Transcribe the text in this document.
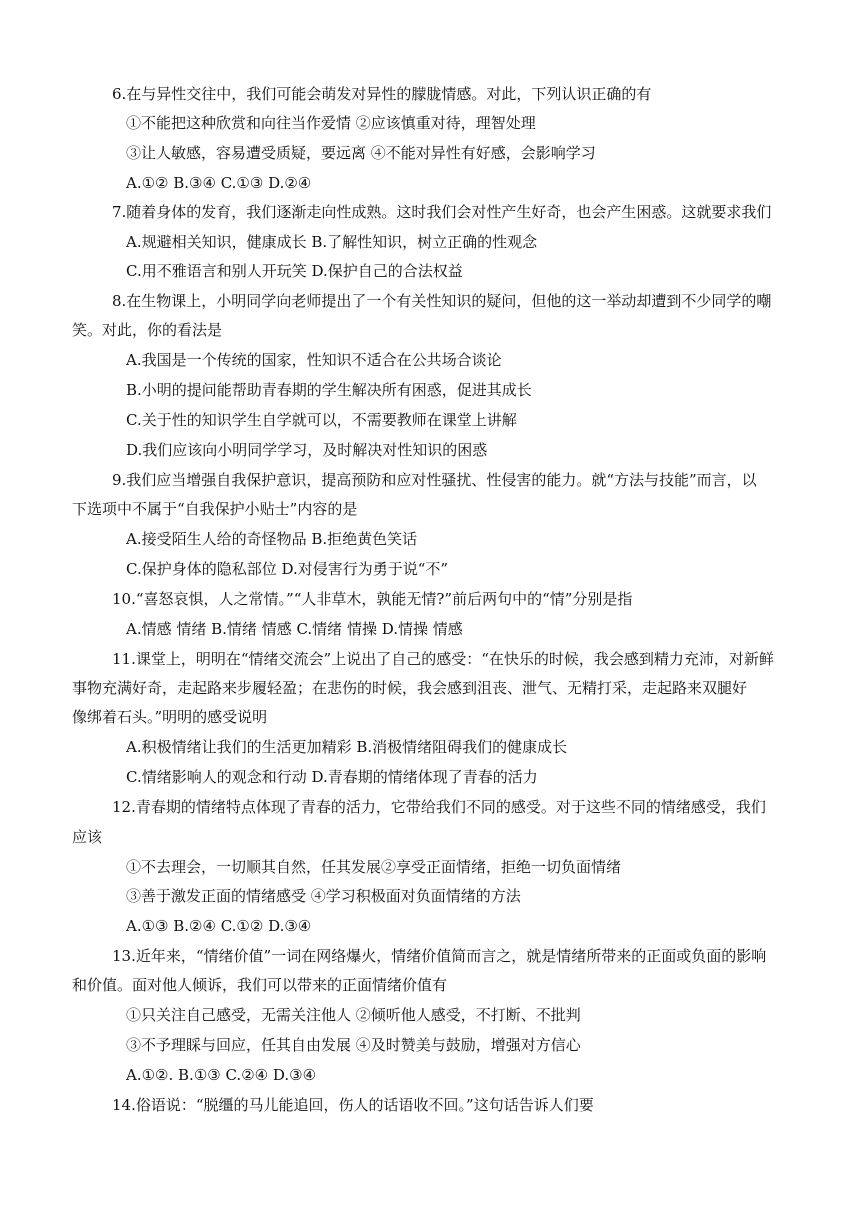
6.在与异性交往中，我们可能会萌发对异性的朦胧情感。对此，下列认识正确的有
①不能把这种欣赏和向往当作爱情 ②应该慎重对待，理智处理
③让人敏感，容易遭受质疑，要远离 ④不能对异性有好感，会影响学习
A.①② B.③④ C.①③ D.②④
7.随着身体的发育，我们逐渐走向性成熟。这时我们会对性产生好奇，也会产生困惑。这就要求我们
A.规避相关知识，健康成长 B.了解性知识，树立正确的性观念
C.用不雅语言和别人开玩笑 D.保护自己的合法权益
8.在生物课上，小明同学向老师提出了一个有关性知识的疑问，但他的这一举动却遭到不少同学的嘲
笑。对此，你的看法是
A.我国是一个传统的国家，性知识不适合在公共场合谈论
B.小明的提问能帮助青春期的学生解决所有困惑，促进其成长
C.关于性的知识学生自学就可以，不需要教师在课堂上讲解
D.我们应该向小明同学学习，及时解决对性知识的困惑
9.我们应当增强自我保护意识，提高预防和应对性骚扰、性侵害的能力。就“方法与技能”而言，以
下选项中不属于“自我保护小贴士”内容的是
A.接受陌生人给的奇怪物品 B.拒绝黄色笑话
C.保护身体的隐私部位 D.对侵害行为勇于说“不”
10.“喜怒哀惧，人之常情。”“人非草木，孰能无情?”前后两句中的“情”分别是指
A.情感 情绪 B.情绪 情感 C.情绪 情操 D.情操 情感
11.课堂上，明明在“情绪交流会”上说出了自己的感受：“在快乐的时候，我会感到精力充沛，对新鲜
事物充满好奇，走起路来步履轻盈；在悲伤的时候，我会感到沮丧、泄气、无精打采，走起路来双腿好
像绑着石头。”明明的感受说明
A.积极情绪让我们的生活更加精彩 B.消极情绪阻碍我们的健康成长
C.情绪影响人的观念和行动 D.青春期的情绪体现了青春的活力
12.青春期的情绪特点体现了青春的活力，它带给我们不同的感受。对于这些不同的情绪感受，我们
应该
①不去理会，一切顺其自然，任其发展②享受正面情绪，拒绝一切负面情绪
③善于激发正面的情绪感受 ④学习积极面对负面情绪的方法
A.①③ B.②④ C.①② D.③④
13.近年来，“情绪价值”一词在网络爆火，情绪价值简而言之，就是情绪所带来的正面或负面的影响
和价值。面对他人倾诉，我们可以带来的正面情绪价值有
①只关注自己感受，无需关注他人 ②倾听他人感受，不打断、不批判
③不予理睬与回应，任其自由发展 ④及时赞美与鼓励，增强对方信心
A.①②. B.①③ C.②④ D.③④
14.俗语说：“脱缰的马儿能追回，伤人的话语收不回。”这句话告诉人们要
